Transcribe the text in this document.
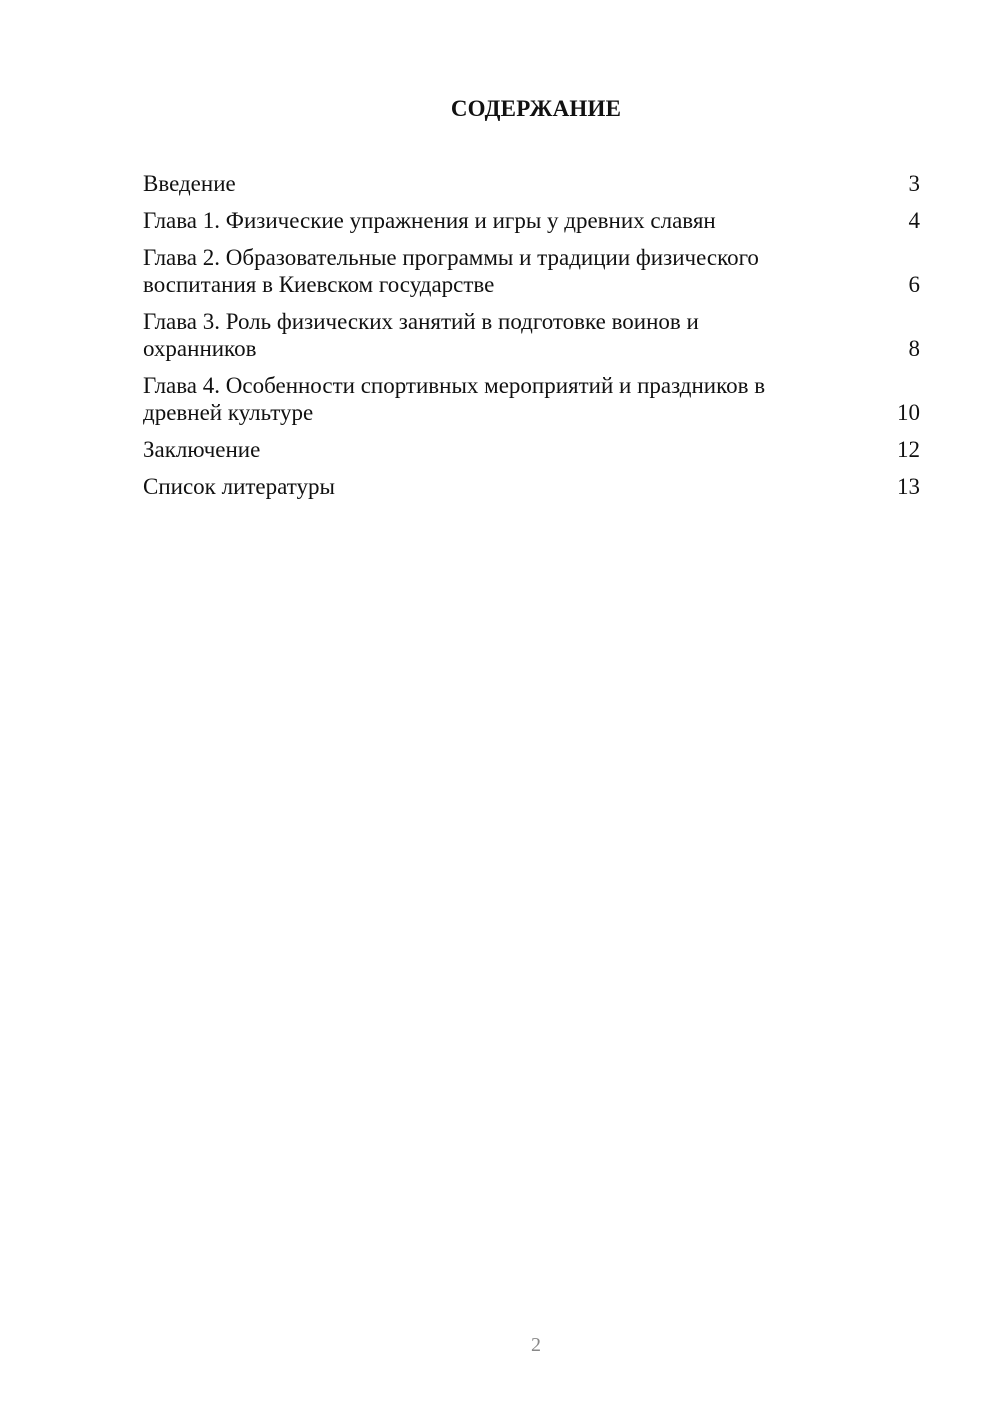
СОДЕРЖАНИЕ
Введение	3
Глава 1. Физические упражнения и игры у древних славян	4
Глава 2. Образовательные программы и традиции физического
воспитания в Киевском государстве	6
Глава 3. Роль физических занятий в подготовке воинов и
охранников	8
Глава 4. Особенности спортивных мероприятий и праздников в
древней культуре	10
Заключение	12
Список литературы	13
2
